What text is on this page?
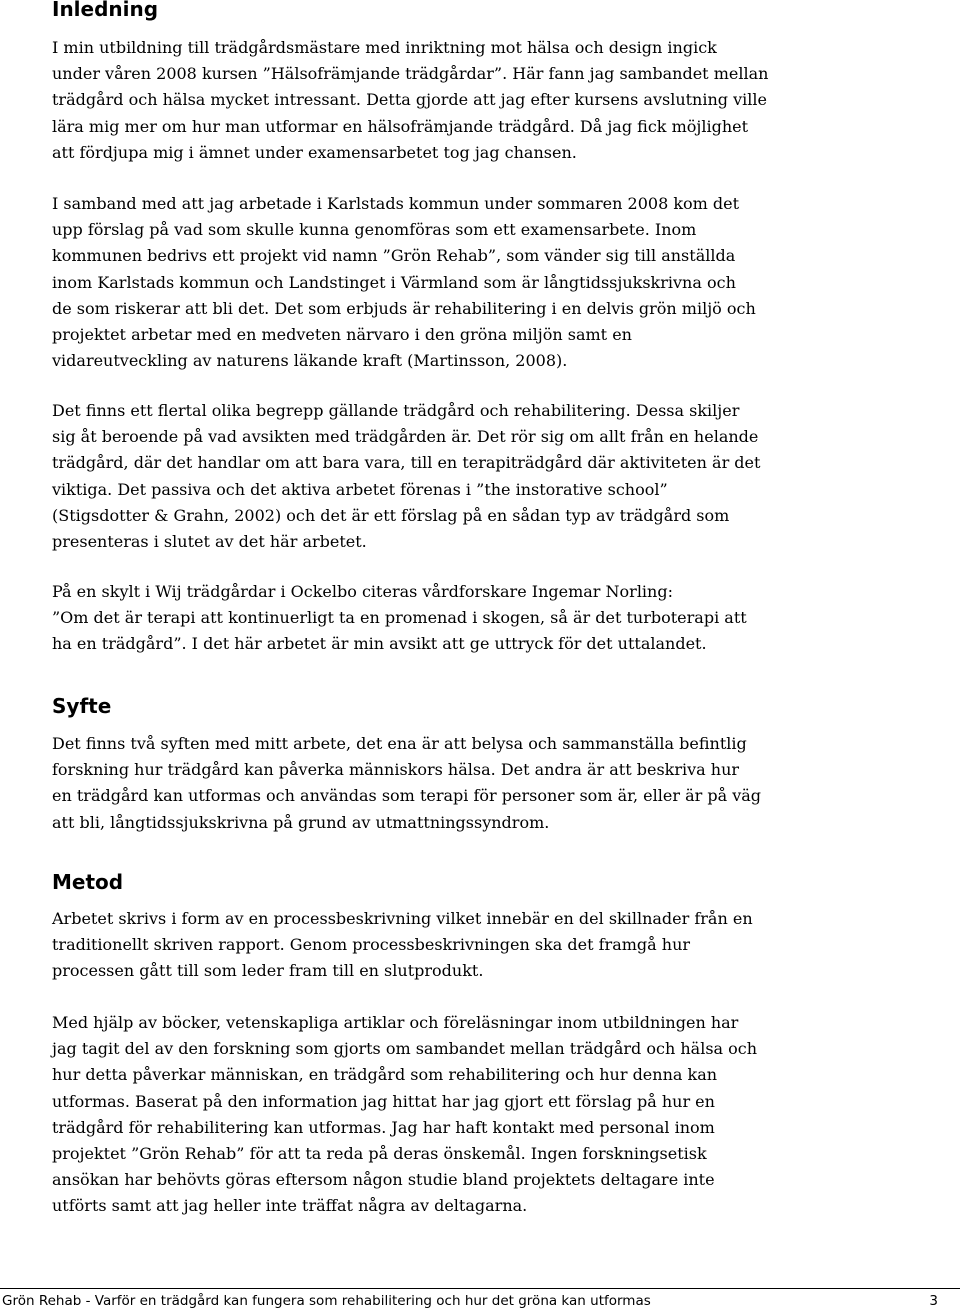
Inledning

I min utbildning till trädgårdsmästare med inriktning mot hälsa och design ingick
under våren 2008 kursen ”Hälsofrämjande trädgårdar”. Här fann jag sambandet mellan
trädgård och hälsa mycket intressant. Detta gjorde att jag efter kursens avslutning ville
lära mig mer om hur man utformar en hälsofrämjande trädgård. Då jag fick möjlighet
att fördjupa mig i ämnet under examensarbetet tog jag chansen.

I samband med att jag arbetade i Karlstads kommun under sommaren 2008 kom det
upp förslag på vad som skulle kunna genomföras som ett examensarbete. Inom
kommunen bedrivs ett projekt vid namn ”Grön Rehab”, som vänder sig till anställda
inom Karlstads kommun och Landstinget i Värmland som är långtidssjukskrivna och
de som riskerar att bli det. Det som erbjuds är rehabilitering i en delvis grön miljö och
projektet arbetar med en medveten närvaro i den gröna miljön samt en
vidareutveckling av naturens läkande kraft (Martinsson, 2008).

Det finns ett flertal olika begrepp gällande trädgård och rehabilitering. Dessa skiljer
sig åt beroende på vad avsikten med trädgården är. Det rör sig om allt från en helande
trädgård, där det handlar om att bara vara, till en terapiträdgård där aktiviteten är det
viktiga. Det passiva och det aktiva arbetet förenas i ”the instorative school”
(Stigsdotter & Grahn, 2002) och det är ett förslag på en sådan typ av trädgård som
presenteras i slutet av det här arbetet.

På en skylt i Wij trädgårdar i Ockelbo citeras vårdforskare Ingemar Norling:
”Om det är terapi att kontinuerligt ta en promenad i skogen, så är det turboterapi att
ha en trädgård”. I det här arbetet är min avsikt att ge uttryck för det uttalandet.

Syfte

Det finns två syften med mitt arbete, det ena är att belysa och sammanställa befintlig
forskning hur trädgård kan påverka människors hälsa. Det andra är att beskriva hur
en trädgård kan utformas och användas som terapi för personer som är, eller är på väg
att bli, långtidssjukskrivna på grund av utmattningssyndrom.

Metod

Arbetet skrivs i form av en processbeskrivning vilket innebär en del skillnader från en
traditionellt skriven rapport. Genom processbeskrivningen ska det framgå hur
processen gått till som leder fram till en slutprodukt.

Med hjälp av böcker, vetenskapliga artiklar och föreläsningar inom utbildningen har
jag tagit del av den forskning som gjorts om sambandet mellan trädgård och hälsa och
hur detta påverkar människan, en trädgård som rehabilitering och hur denna kan
utformas. Baserat på den information jag hittat har jag gjort ett förslag på hur en
trädgård för rehabilitering kan utformas. Jag har haft kontakt med personal inom
projektet ”Grön Rehab” för att ta reda på deras önskemål. Ingen forskningsetisk
ansökan har behövts göras eftersom någon studie bland projektets deltagare inte
utförts samt att jag heller inte träffat några av deltagarna.

Grön Rehab - Varför en trädgård kan fungera som rehabilitering och hur det gröna kan utformas	3
